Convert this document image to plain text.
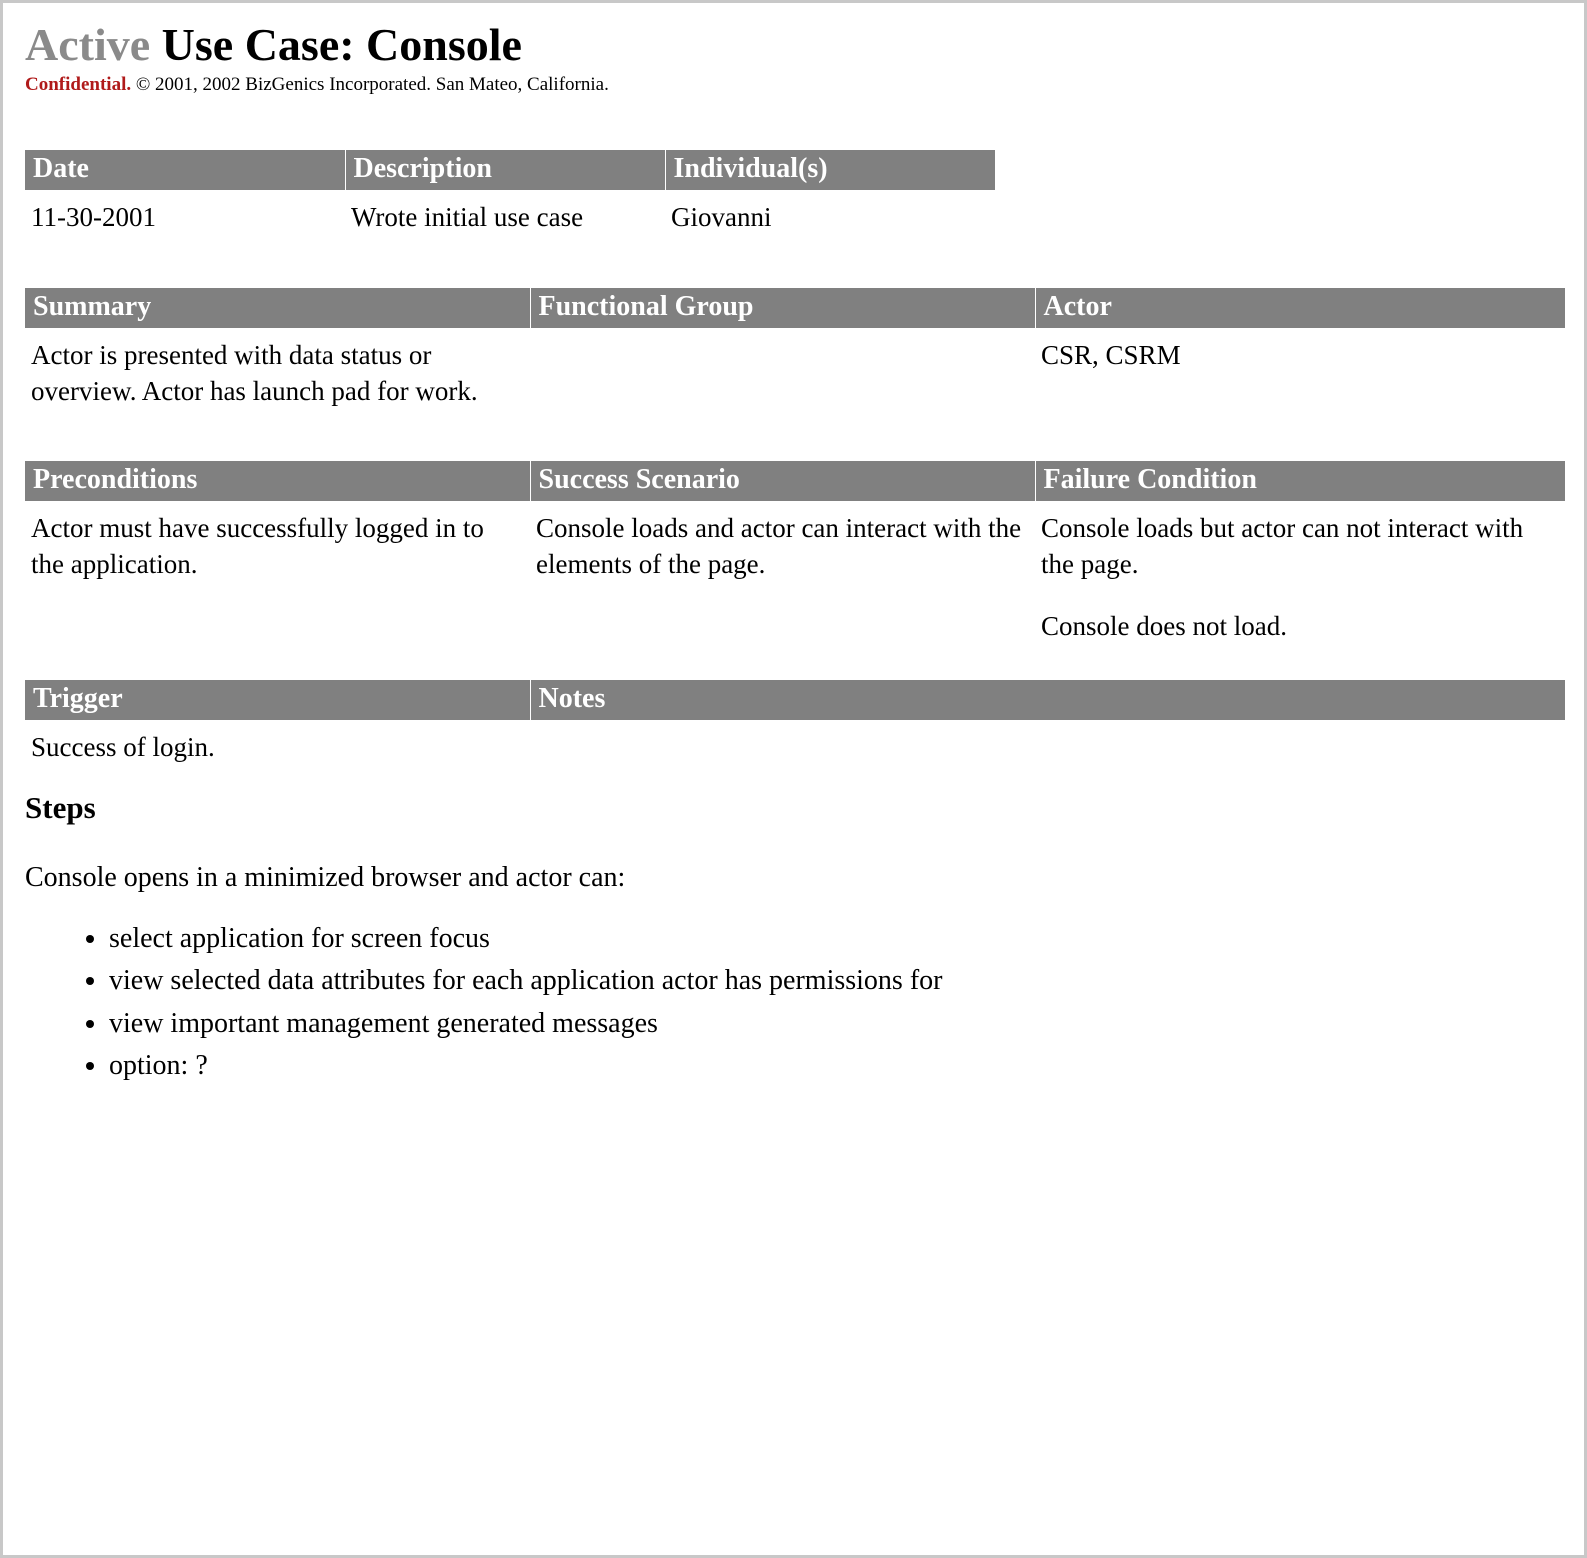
Active Use Case: Console

Confidential. © 2001, 2002 BizGenics Incorporated. San Mateo, California.

Date	Description	Individual(s)	
11-30-2001	Wrote initial use case	Giovanni	
Summary	Functional Group	Actor
Actor is presented with data status or overview. Actor has launch pad for work.		CSR, CSRM
Preconditions	Success Scenario	Failure Condition
Actor must have successfully logged in to the application.	Console loads and actor can interact with the elements of the page.	Console loads but actor can not interact with the page.

Console does not load.

Trigger	Notes
Success of login.	
Steps

Console opens in a minimized browser and actor can:

• select application for screen focus
• view selected data attributes for each application actor has permissions for
• view important management generated messages
• option: ?
